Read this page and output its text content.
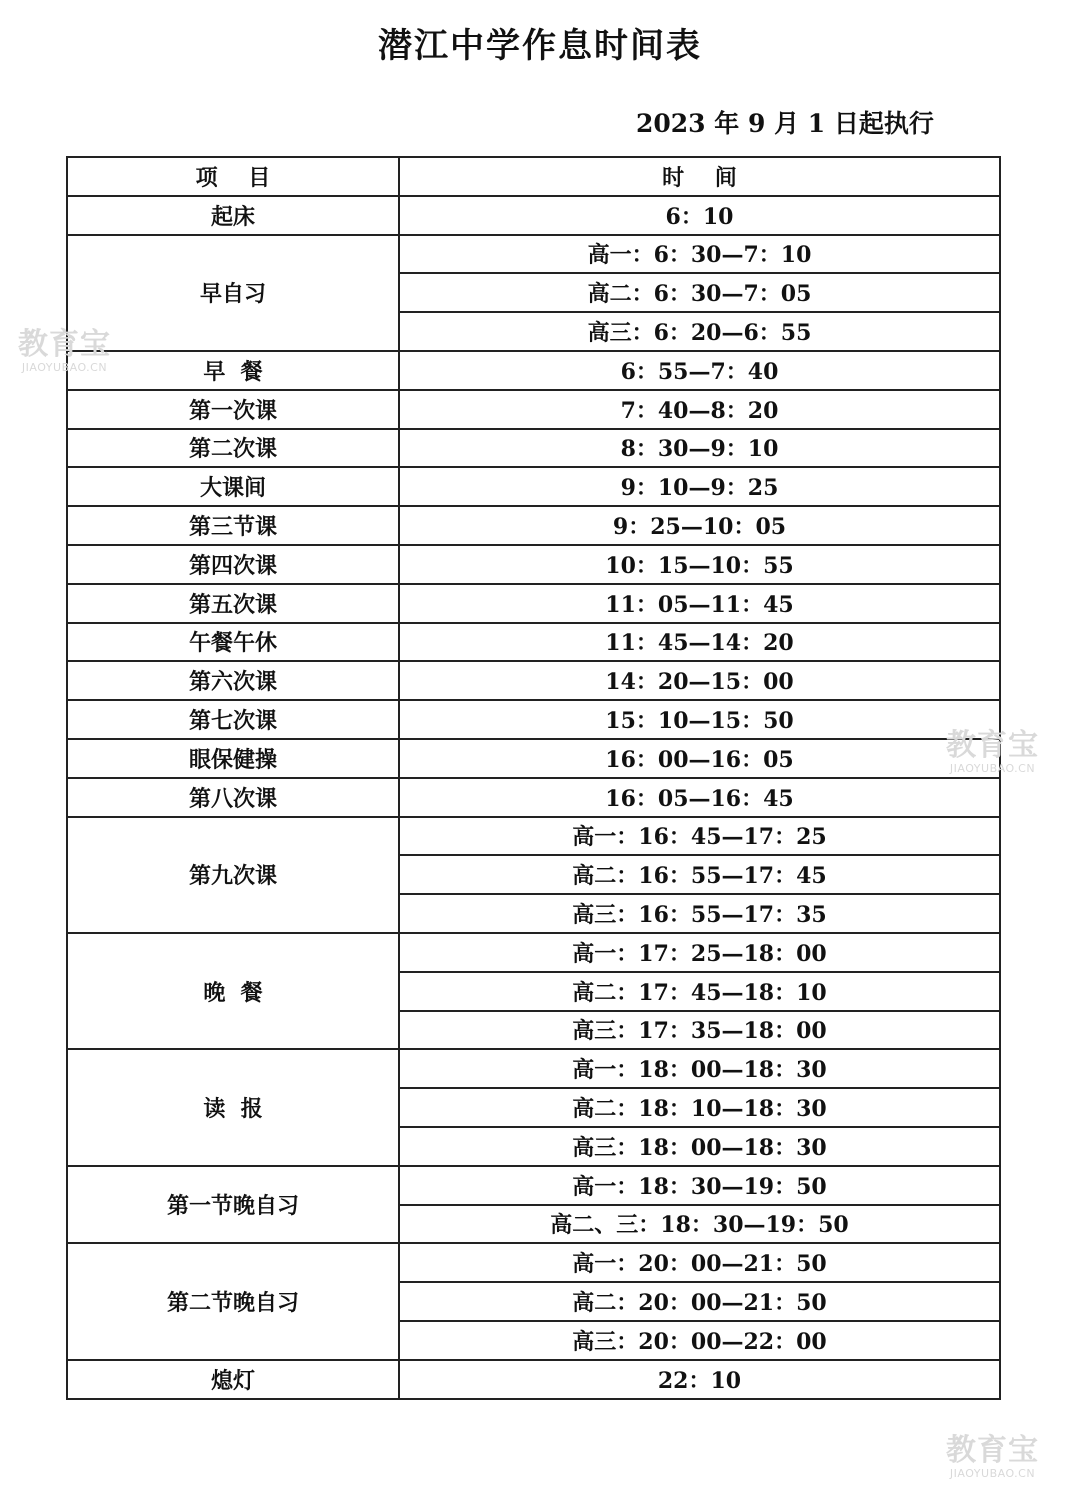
潜江中学作息时间表
2023 年 9 月 1 日起执行
项    目	时    间
起床	6：10
早自习	高一：6：30—7：10
	高二：6：30—7：05
	高三：6：20—6：55
早  餐	6：55—7：40
第一次课	7：40—8：20
第二次课	8：30—9：10
大课间	9：10—9：25
第三节课	9：25—10：05
第四次课	10：15—10：55
第五次课	11：05—11：45
午餐午休	11：45—14：20
第六次课	14：20—15：00
第七次课	15：10—15：50
眼保健操	16：00—16：05
第八次课	16：05—16：45
第九次课	高一：16：45—17：25
	高二：16：55—17：45
	高三：16：55—17：35
晚  餐	高一：17：25—18：00
	高二：17：45—18：10
	高三：17：35—18：00
读  报	高一：18：00—18：30
	高二：18：10—18：30
	高三：18：00—18：30
第一节晚自习	高一：18：30—19：50
	高二、三：18：30—19：50
第二节晚自习	高一：20：00—21：50
	高二：20：00—21：50
	高三：20：00—22：00
熄灯	22：10
教育宝
JIAOYUBAO.CN
教育宝
JIAOYUBAO.CN
教育宝
JIAOYUBAO.CN
